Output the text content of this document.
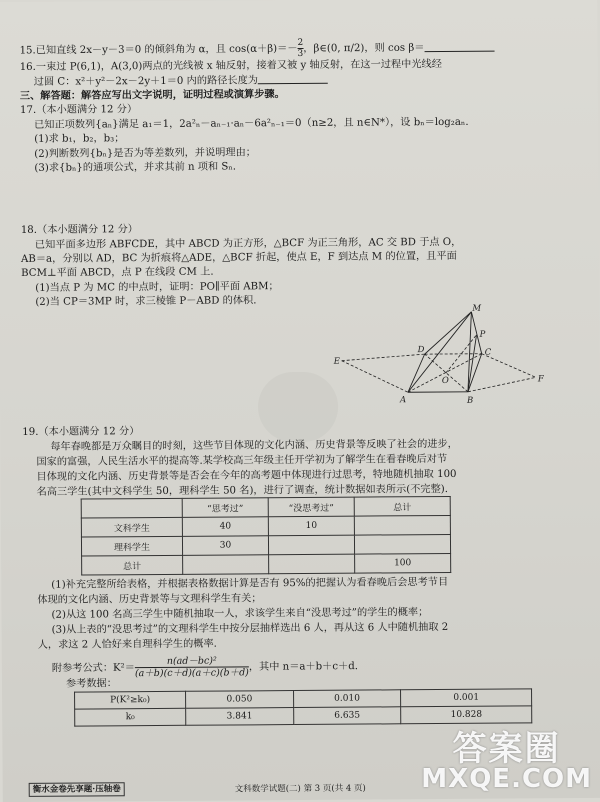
15.已知直线 2x－y－3＝0 的倾斜角为 α，且 $\cos(\alpha+\beta)=- \frac{2}{3}$ ，β∈(0, π/2)，则 cos β＝
16.一束过 P(6,1)，A(3,0)两点的光线被 x 轴反射，接着又被 y 轴反射，在这一过程中光线经
过圆 C：x²＋y²－2x－2y＋1＝0 内的路径长度为
三、解答题：解答应写出文字说明，证明过程或演算步骤。
17.（本小题满分 12 分）
已知正项数列{aₙ}满足 a₁＝1，2a²ₙ－aₙ₋₁·aₙ－6a²ₙ₋₁＝0（n≥2，且 n∈N*），设 bₙ＝log₂aₙ.
(1)求 b₁，b₂，b₃；
(2)判断数列{bₙ}是否为等差数列，并说明理由；
(3)求{bₙ}的通项公式，并求其前 n 项和 Sₙ.
18.（本小题满分 12 分）
已知平面多边形 ABFCDE，其中 ABCD 为正方形，△BCF 为正三角形，AC 交 BD 于点 O，
AB＝a，分别以 AD，BC 为折痕将△ADE，△BCF 折起，使点 E，F 到达点 M 的位置，且平面
BCM⊥平面 ABCD，点 P 在线段 CM 上.
(1)当点 P 为 MC 的中点时，证明：PO∥平面 ABM；
(2)当 CP＝3MP 时，求三棱锥 P－ABD 的体积.
M
P
C
D
E
O	F
A	B
19.（本小题满分 12 分）
每年春晚都是万众瞩目的时刻，这些节目体现的文化内涵、历史背景等反映了社会的进步，
国家的富强，人民生活水平的提高等.某学校高三年级主任开学初为了解学生在看春晚后对节
目体现的文化内涵、历史背景等是否会在今年的高考题中体现进行过思考，特地随机抽取 100
名高三学生(其中文科学生 50，理科学生 50 名)，进行了调查，统计数据如表所示(不完整).
	“思考过”	“没思考过”	总计
文科学生	40	10	
理科学生	30		
总计			100
(1)补充完整所给表格，并根据表格数据计算是否有 95%的把握认为看春晚后会思考节目
体现的文化内涵、历史背景等与文理科学生有关；
(2)从这 100 名高三学生中随机抽取一人，求该学生来自“没思考过”的学生的概率；
(3)从上表的“没思考过”的文理科学生中按分层抽样选出 6 人，再从这 6 人中随机抽取 2
人，求这 2 人恰好来自理科学生的概率.
附参考公式：$K^2= \frac{\text{n(ad－bc)²}}{(a+b)(c+d)(a+c)(b+d)}$ ，其中 n＝a＋b＋c＋d.
参考数据：
P(K²≥k₀)	0.050	0.010	0.001
k₀	3.841	6.635	10.828
衡水金卷先享题·压轴卷	文科数学试题(二) 第 3 页(共 4 页)
答案圈
MXQE.COM
